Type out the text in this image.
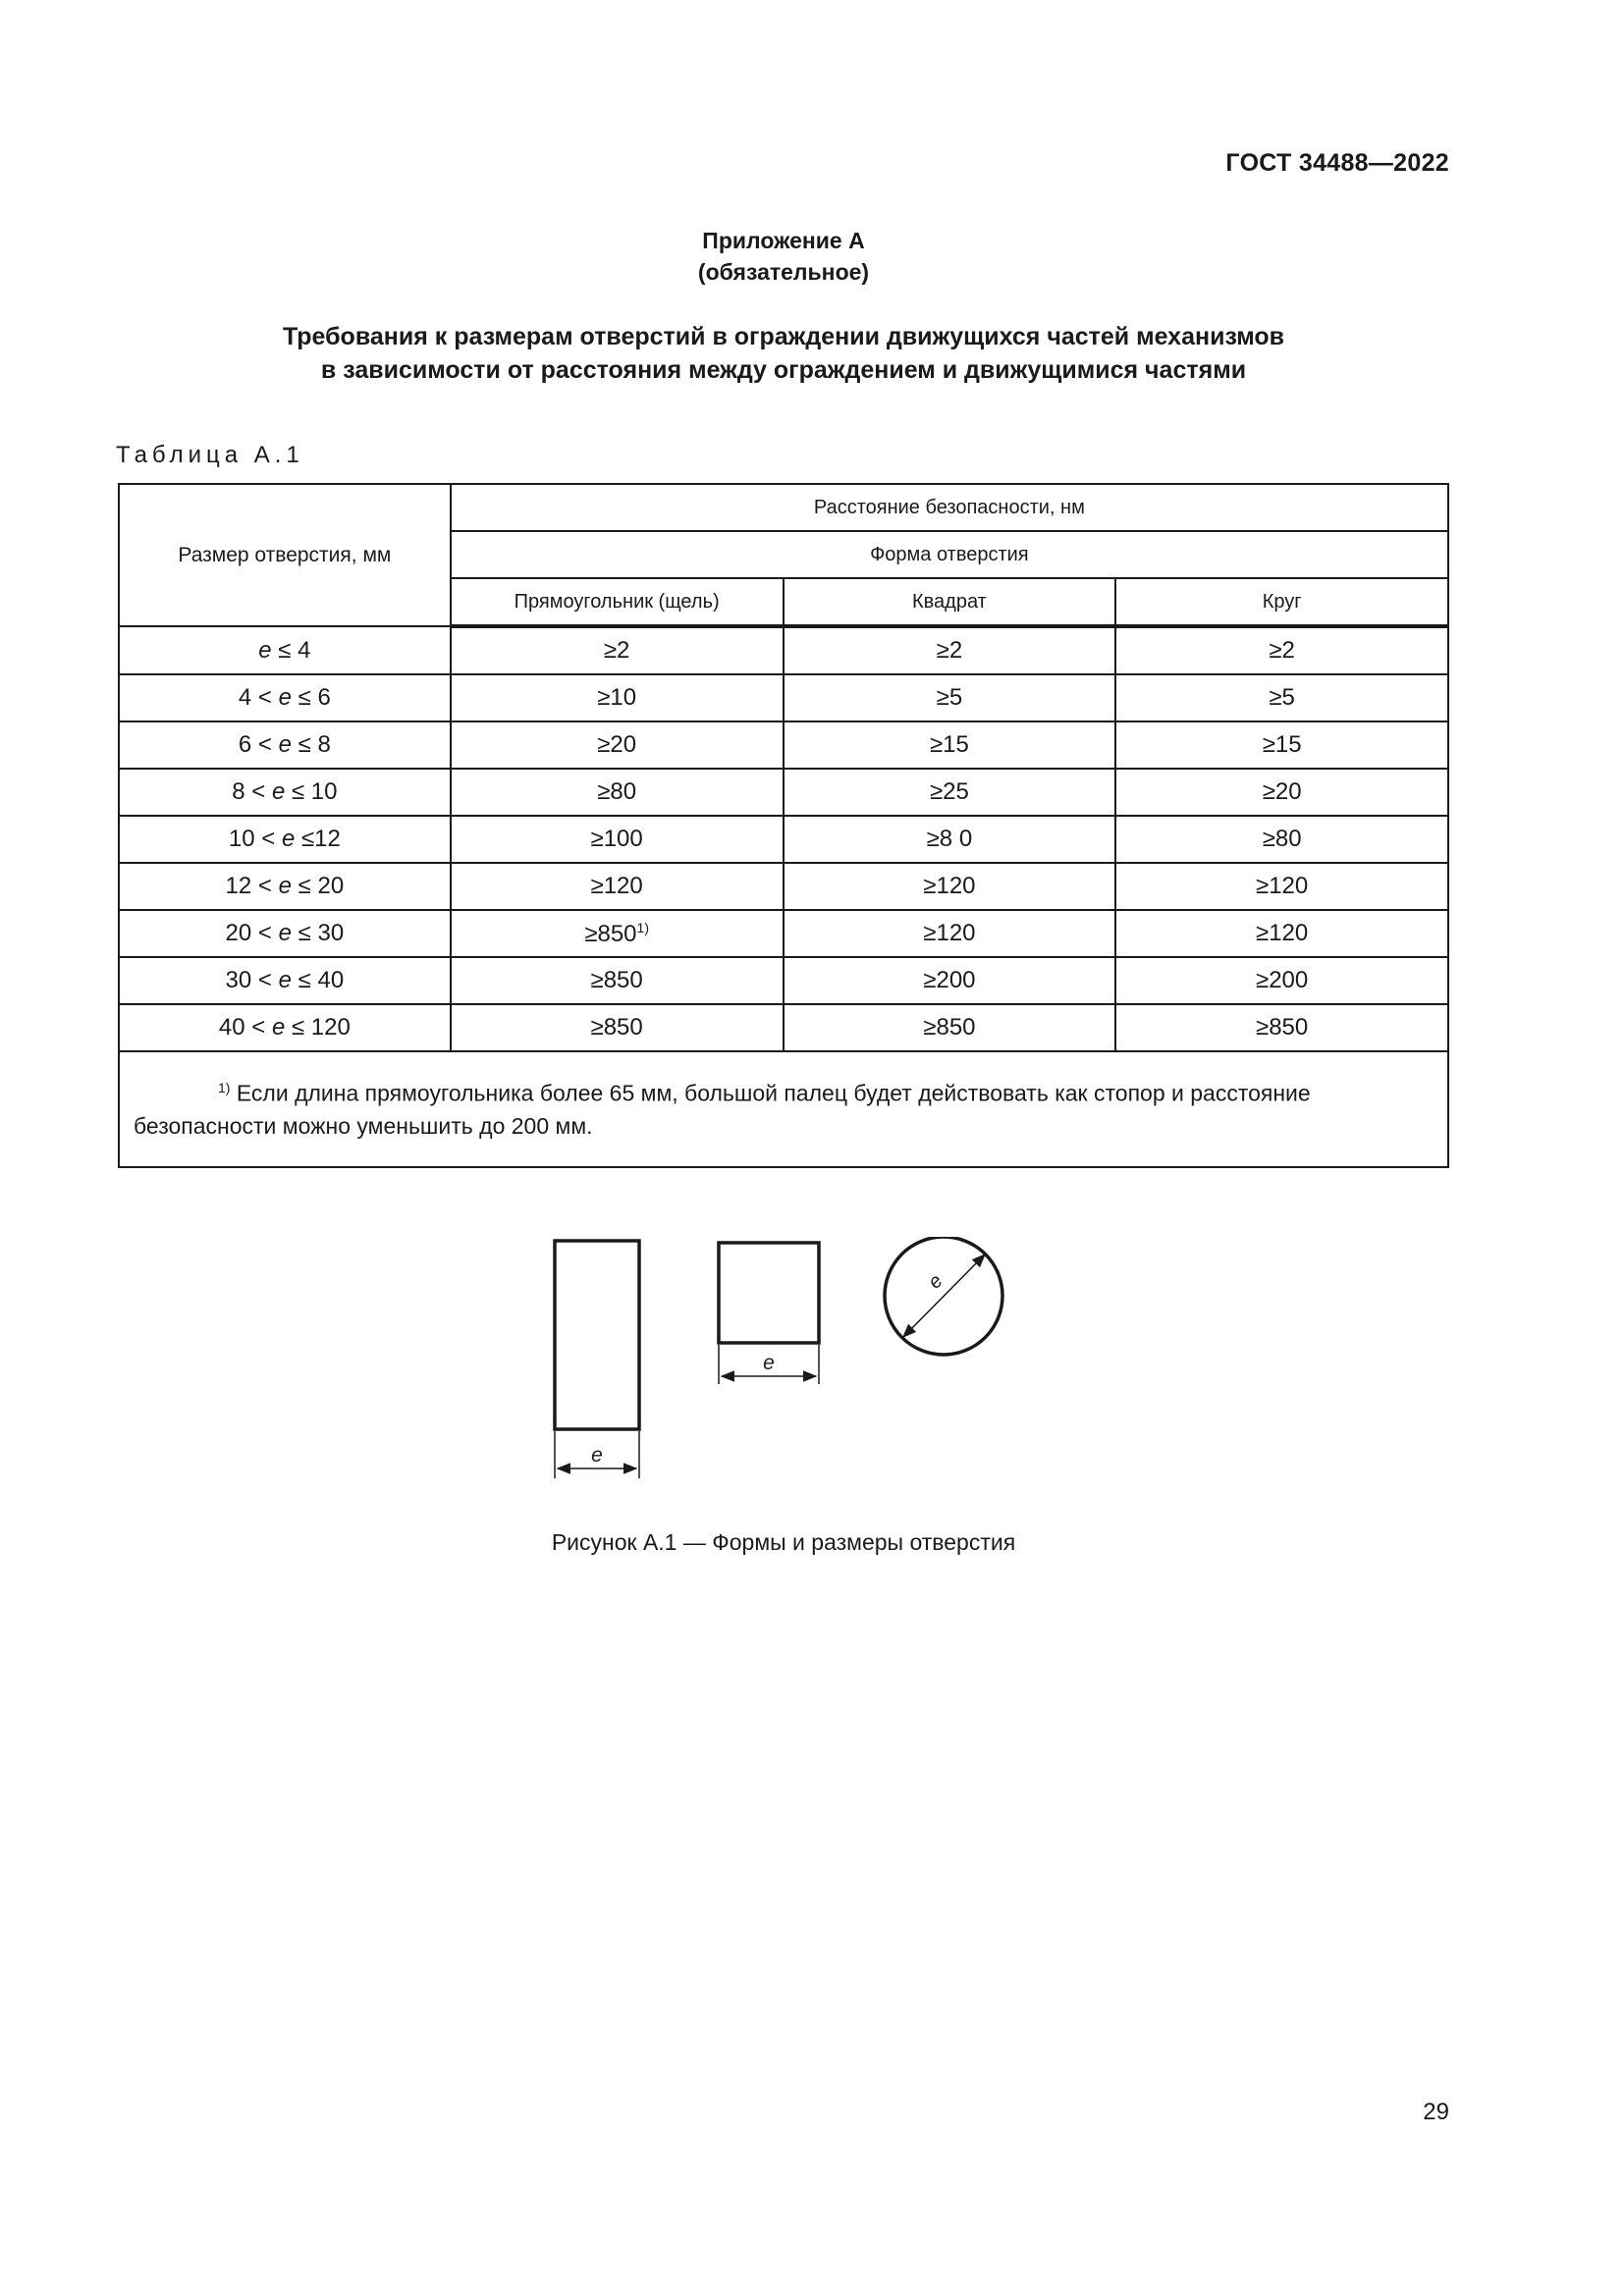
ГОСТ 34488—2022
Приложение А
(обязательное)
Требования к размерам отверстий в ограждении движущихся частей механизмов
в зависимости от расстояния между ограждением и движущимися частями
Таблица А.1
Размер отверстия, мм	Расстояние безопасности, нм		
	Форма отверстия		
	Прямоугольник (щель)	Квадрат	Круг
e ≤ 4	≥2	≥2	≥2
4 < e ≤ 6	≥10	≥5	≥5
6 < e ≤ 8	≥20	≥15	≥15
8 < e ≤ 10	≥80	≥25	≥20
10 < e ≤12	≥100	≥8 0	≥80
12 < e ≤ 20	≥120	≥120	≥120
20 < e ≤ 30	$\ge 850^{1)}$	≥120	≥120
30 < e ≤ 40	≥850	≥200	≥200
40 < e ≤ 120	≥850	≥850	≥850
$^{1)}$ Если длина прямоугольника более 65 мм, большой палец будет действовать как стопор и расстояние безопасности можно уменьшить до 200 мм.			
e
e
e
Рисунок А.1 — Формы и размеры отверстия
29
